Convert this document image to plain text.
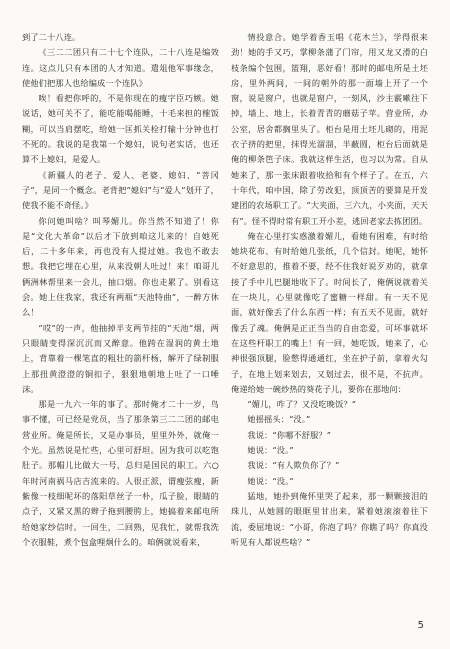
到了二十八连。

《三二二团只有二十七个连队，二十八连是编效连。这点儿只有本团的人才知道。遣俎他军事缘念，使他们把那人也给编成一个连队》

唉！看把你呼的，不是你现在的瘦字臣巧嫉。她说话，她可关不了，能吃能喝能睡，十毛来担的榷饭糊，可以当肩摆吃，给她一匡抓关栓打输十分钟也打不死的。我说的是我第一个媳妇，说句老实话，也还算不上媳妇，是爱人。

《新疆人的老子、爱人、老婆、媳妇、“菩冈子”，是同一个概念。老背把“媳妇”与“爱人”划开了，使我不能不奇怪。》

你问她叫啥？叫琴媚儿。你当然不知道了！你是“文化大革命”以后才下放到咱这儿来的！自她死后，二十多年来，再也没有人提过她。我也不敢去想。我把它埋在心里，从来没朝人吐过！来！咱哥儿俩洲林帮里来一会儿，抽口烟。你也走累了。别看这会。她上住我家，我还有两瓶“天池特曲”，一醉方休么！

“哎”的一声，他抽掉半支两节挂的“天池”烟，两只眼睛变得深沉沉而又醉意。他跨在湿润的黄土地上，背靠着一棵笔直的粗壮的箭杆杨，解开了绿制服上那扭黄澄澄的铜扣子，狠狠地朝地上吐了一口唾沫。

那是一九六一年的事了。那时俺才二十一岁，鸟事不懂，可已经是党员，当了那条第三二二团的邮电营业所。俺是所长，又是办事员，里里外外，就俺一个光。虽然说是忙些，心里可舒坦。因为我可以吃饱肚子。那帽儿比做大一号，总归是国民的职工。六○年时河南祸马店吉流来的。人很正派，谓瘦弦瘦，新紫像一枝细呢坏的落阳草丝子一朴，瓜子脸，眼睛的点子，又紧又黑的辫子拖到腰胯上，她搞着来邮电所给她家纱信时。一回生，二回熟，见我忙，就帮我洗个衣服鞋，煮个包盒哩炯什么的。咱俩就说看来，

情投意合。她学着香玉唱《花木兰》，学得很来劲！她的手又巧，掌柳条蒲了门帘，用又龙又滑的白枝条编个包围，篮翔，恶好看！那时的邮电所是土坯房，里外两间，一间的朝外的那一面墙上开了一个窗，说是窗户，也就是窗户，一刻风，沙主霰嗽往下掉，墙上、地上，长着青青的蘑菇子苹。营业所，办公室，居舍都搁里头了。柜台是用土坯儿砌的，用泥衣子挤的把里，抹得光溜溜，半蔽圆，柜台后面就是俺的柳条笆子床。我就这样生活，也习以为常。自从她来了，那一张床跟着收拾和有个样子了。在五，六十年代，咱中国，除了劳改犯，顶顶苦的要算是开发建团的农场职工了。“大夹面，三六九，小夹面，天天有”。怪不得时常有职工开小差，逃回老家去拣团团。

俺在心里打实惑激着媚儿，看她有困难，有时给她块花布、有时给她几张纸，几个信封。她呢，她怀不好意思的，推着不要，经不住我好说歹劝的，就拿接了手中儿巴腿地收下了。时间长了，俺俩说就着关在一块儿，心里就像吃了蜜糖一样甜。有一天不见面，就好像丢了什么东西一样；有五天不见面，就好像丢了魂。俺俩是正正当当的自由恋爱，可坏事就坏在这些杆职工的嘴上！有一回，她吃饭，她来了，心神很强顶腿，脸憋得通通红，坐在护子前，拿着火勾子，在地上划来划去，又划过去，很不是，不抗声。俺递给她一碗炒热的葵花子儿，要你在那地问：

“媚儿，咋了？又没吃晚饭？”

她摇摇头：“没。”

我说：“你哪不舒服？”

她说：“没。”

我说：“有人欺负你了？”

她说：“没。”

猛地，她扑到俺怀里哭了起来，那一颗颗接泪的珠儿，从她圆的眼眶里甘出来，紧着她滚滚着往下流，委屈地说：“小哥，你泡了吗？你瞧了吗？你真没听见有人都说些啥？”

5
